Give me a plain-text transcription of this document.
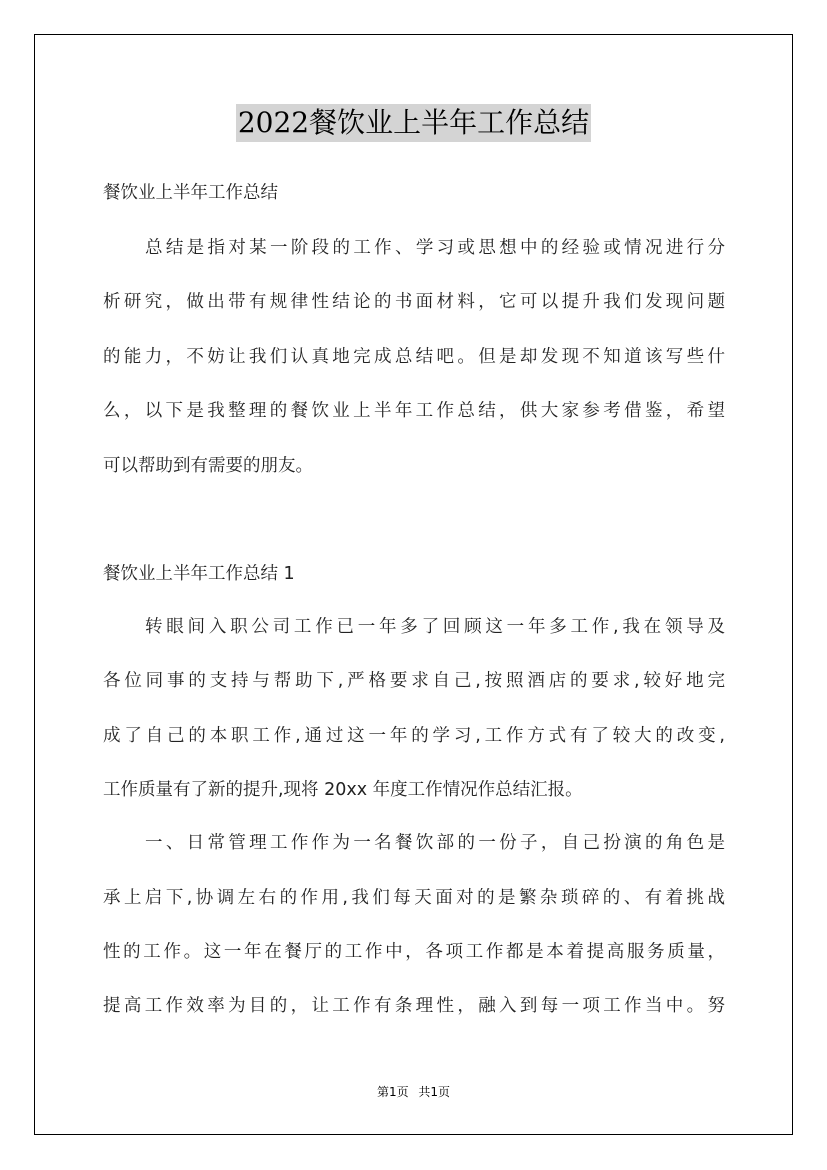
2022餐饮业上半年工作总结

餐饮业上半年工作总结

总结是指对某一阶段的工作、学习或思想中的经验或情况进行分

析研究，做出带有规律性结论的书面材料，它可以提升我们发现问题

的能力，不妨让我们认真地完成总结吧。但是却发现不知道该写些什

么，以下是我整理的餐饮业上半年工作总结，供大家参考借鉴，希望

可以帮助到有需要的朋友。

餐饮业上半年工作总结 1

转眼间入职公司工作已一年多了回顾这一年多工作,我在领导及

各位同事的支持与帮助下,严格要求自己,按照酒店的要求,较好地完

成了自己的本职工作,通过这一年的学习,工作方式有了较大的改变,

工作质量有了新的提升,现将 20xx 年度工作情况作总结汇报。

一、日常管理工作作为一名餐饮部的一份子，自己扮演的角色是

承上启下,协调左右的作用,我们每天面对的是繁杂琐碎的、有着挑战

性的工作。这一年在餐厅的工作中，各项工作都是本着提高服务质量，

提高工作效率为目的，让工作有条理性，融入到每一项工作当中。努

第1页 共1页
